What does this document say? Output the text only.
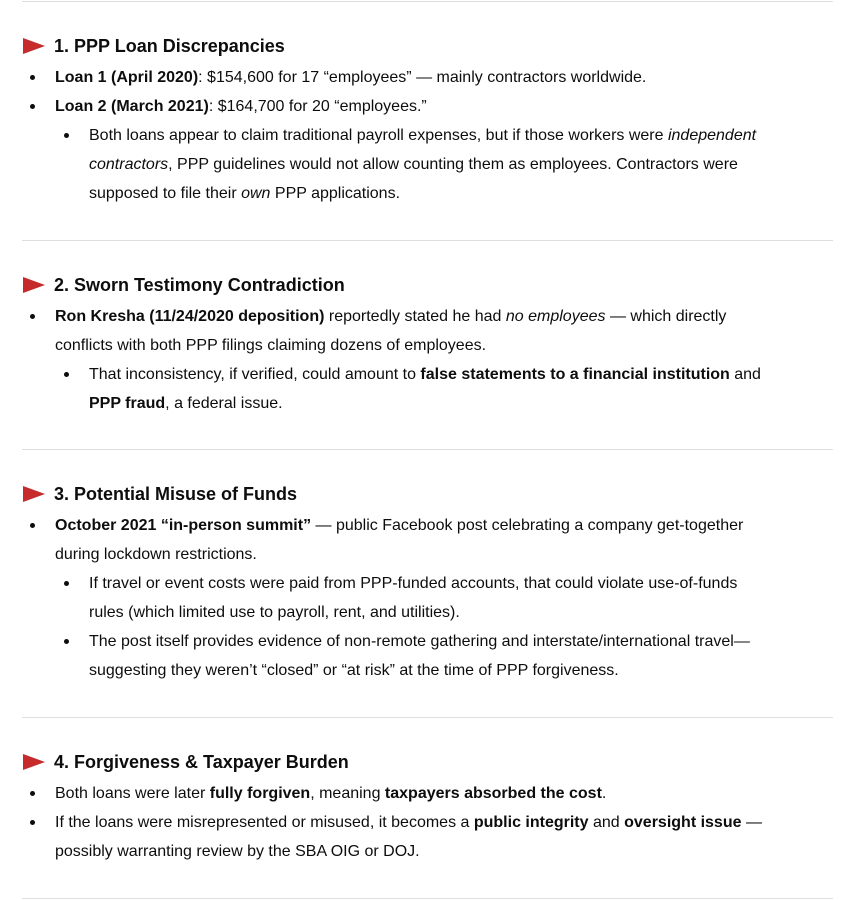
1. PPP Loan Discrepancies
Loan 1 (April 2020): $154,600 for 17 “employees” — mainly contractors worldwide.
Loan 2 (March 2021): $164,700 for 20 “employees.”
Both loans appear to claim traditional payroll expenses, but if those workers were independent
contractors, PPP guidelines would not allow counting them as employees. Contractors were
supposed to file their own PPP applications.
2. Sworn Testimony Contradiction
Ron Kresha (11/24/2020 deposition) reportedly stated he had no employees — which directly
conflicts with both PPP filings claiming dozens of employees.
That inconsistency, if verified, could amount to false statements to a financial institution and
PPP fraud, a federal issue.
3. Potential Misuse of Funds
October 2021 “in-person summit” — public Facebook post celebrating a company get-together
during lockdown restrictions.
If travel or event costs were paid from PPP-funded accounts, that could violate use-of-funds
rules (which limited use to payroll, rent, and utilities).
The post itself provides evidence of non-remote gathering and interstate/international travel—
suggesting they weren’t “closed” or “at risk” at the time of PPP forgiveness.
4. Forgiveness & Taxpayer Burden
Both loans were later fully forgiven, meaning taxpayers absorbed the cost.
If the loans were misrepresented or misused, it becomes a public integrity and oversight issue —
possibly warranting review by the SBA OIG or DOJ.
